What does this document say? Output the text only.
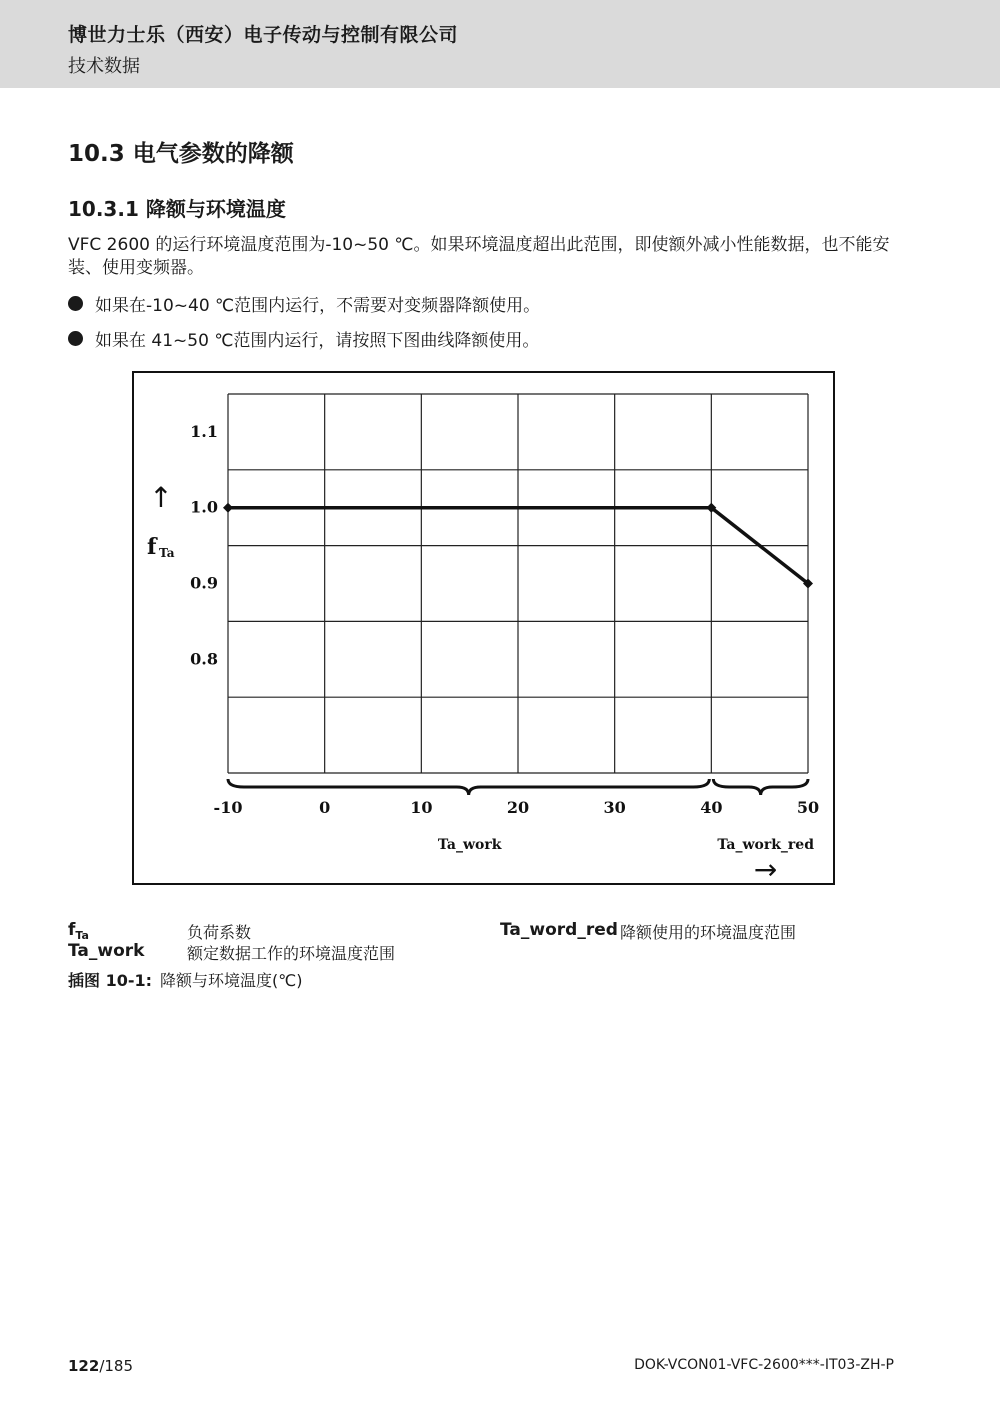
博世力士乐（西安）电子传动与控制有限公司
技术数据
10.3 电气参数的降额
10.3.1 降额与环境温度
VFC 2600 的运行环境温度范围为-10~50 ℃。如果环境温度超出此范围，即使额外减小性能数据，也不能安装、使用变频器。
如果在-10~40 ℃范围内运行，不需要对变频器降额使用。
如果在 41~50 ℃范围内运行，请按照下图曲线降额使用。
1.1
1.0
0.9
0.8
-10	0	10	20	30	40	50
↑
f Ta
Ta_work	Ta_work_red
→
$f_{Ta}$	负荷系数
Ta_work	额定数据工作的环境温度范围
Ta_word_red 降额使用的环境温度范围
插图 10-1: 降额与环境温度(℃)
122/185	DOK-VCON01-VFC-2600***-IT03-ZH-P
